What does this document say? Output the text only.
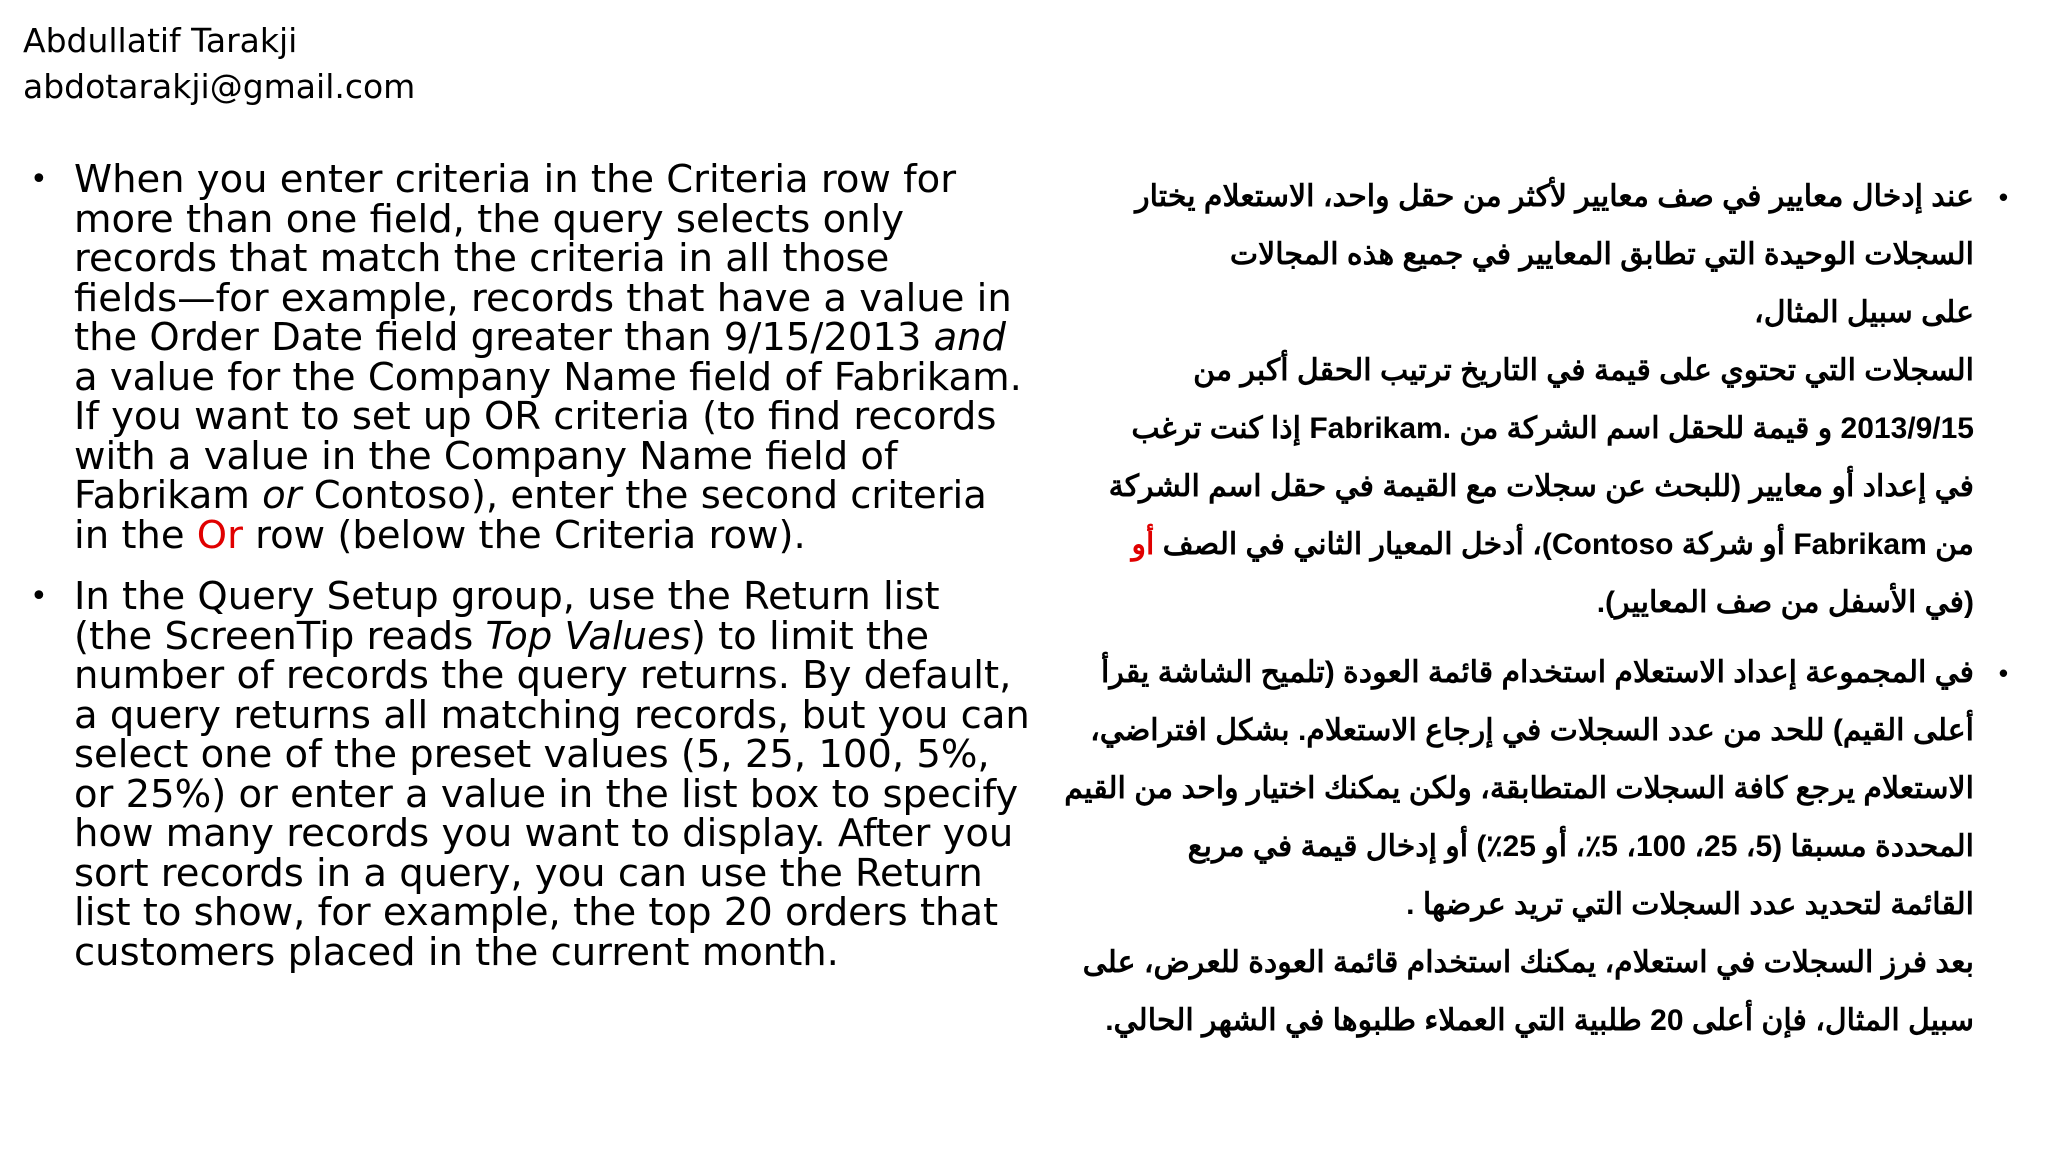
Abdullatif Tarakji
abdotarakji@gmail.com
• When you enter criteria in the Criteria row for
more than one field, the query selects only
records that match the criteria in all those
fields—for example, records that have a value in
the Order Date field greater than 9/15/2013 and
a value for the Company Name field of Fabrikam.
If you want to set up OR criteria (to find records
with a value in the Company Name field of
Fabrikam or Contoso), enter the second criteria
in the Or row (below the Criteria row).
• In the Query Setup group, use the Return list
(the ScreenTip reads Top Values) to limit the
number of records the query returns. By default,
a query returns all matching records, but you can
select one of the preset values (5, 25, 100, 5%,
or 25%) or enter a value in the list box to specify
how many records you want to display. After you
sort records in a query, you can use the Return
list to show, for example, the top 20 orders that
customers placed in the current month.
•
عند إدخال معايير في صف معايير لأكثر من حقل واحد، الاستعلام يختار
السجلات الوحيدة التي تطابق المعايير في جميع هذه المجالات
على سبيل المثال،
السجلات التي تحتوي على قيمة في التاريخ ترتيب الحقل أكبر من
2013/9/15 و قيمة للحقل اسم الشركة من .Fabrikam إذا كنت ترغب
في إعداد أو معايير (للبحث عن سجلات مع القيمة في حقل اسم الشركة
من Fabrikam أو شركة Contoso)، أدخل المعيار الثاني في الصف أو
(في الأسفل من صف المعايير).
•
في المجموعة إعداد الاستعلام استخدام قائمة العودة (تلميح الشاشة يقرأ
أعلى القيم) للحد من عدد السجلات في إرجاع الاستعلام. بشكل افتراضي،
الاستعلام يرجع كافة السجلات المتطابقة، ولكن يمكنك اختيار واحد من القيم
المحددة مسبقا (5، 25، 100، 5٪، أو 25٪) أو إدخال قيمة في مربع
القائمة لتحديد عدد السجلات التي تريد عرضها .
بعد فرز السجلات في استعلام، يمكنك استخدام قائمة العودة للعرض، على
سبيل المثال، فإن أعلى 20 طلبية التي العملاء طلبوها في الشهر الحالي.
